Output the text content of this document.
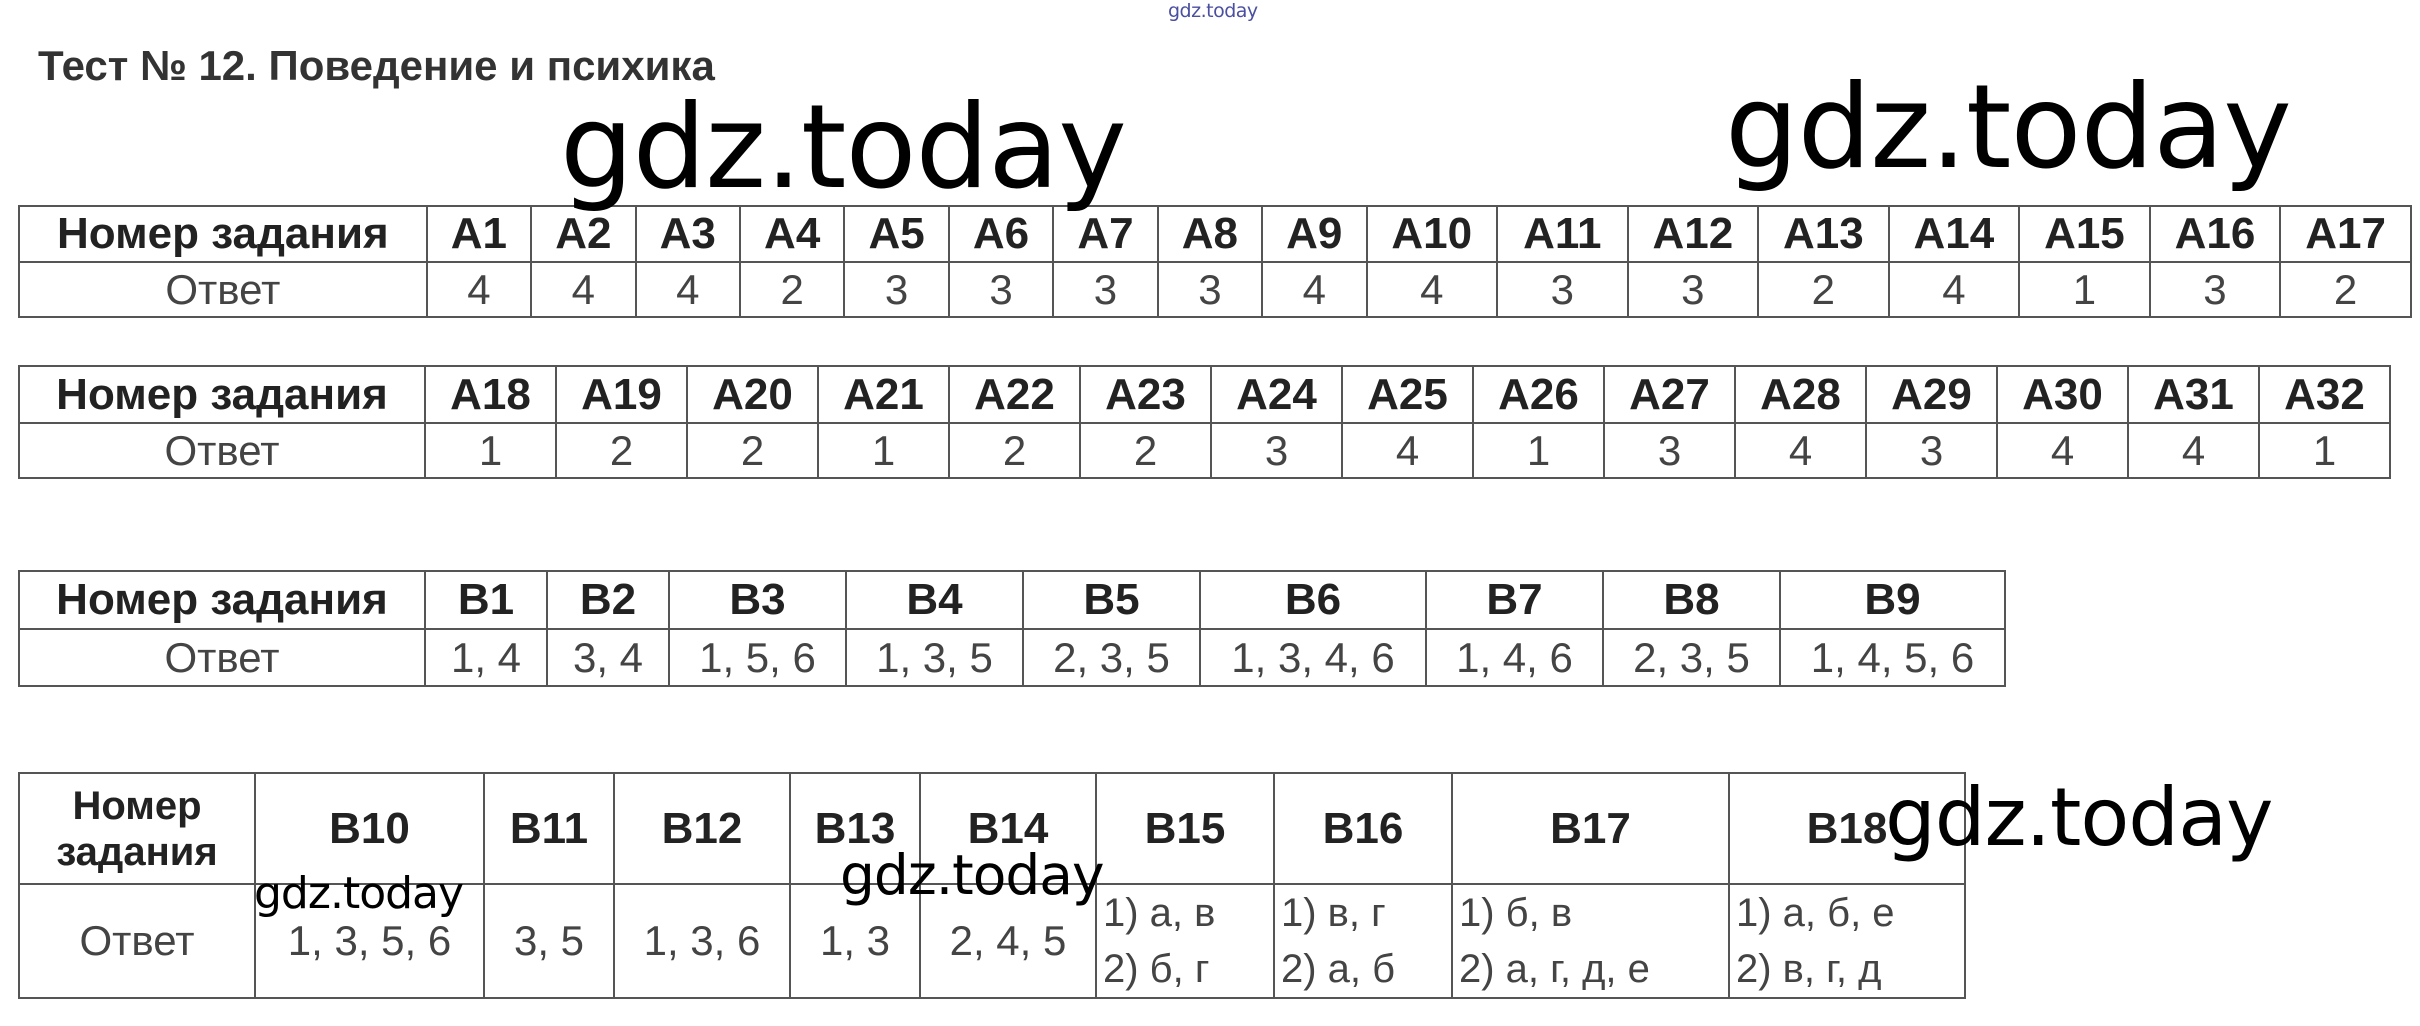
gdz.today
Тест № 12. Поведение и психика
Номер задания	A1	A2	A3	A4	A5	A6	A7	A8	A9	A10	A11	A12	A13	A14	A15	A16	A17
Ответ	4	4	4	2	3	3	3	3	4	4	3	3	2	4	1	3	2
Номер задания	A18	A19	A20	A21	A22	A23	A24	A25	A26	A27	A28	A29	A30	A31	A32
Ответ	1	2	2	1	2	2	3	4	1	3	4	3	4	4	1
Номер задания	B1	B2	B3	B4	B5	B6	B7	B8	B9
Ответ	1, 4	3, 4	1, 5, 6	1, 3, 5	2, 3, 5	1, 3, 4, 6	1, 4, 6	2, 3, 5	1, 4, 5, 6
Номер
задания	B10	B11	B12	B13	B14	B15	B16	B17	B18
Ответ	1, 3, 5, 6	3, 5	1, 3, 6	1, 3	2, 4, 5	1) а, в
2) б, г	1) в, г
2) а, б	1) б, в
2) а, г, д, е	1) а, б, е
2) в, г, д
gdz.today	gdz.today
gdz.today
gdz.today	gdz.today
